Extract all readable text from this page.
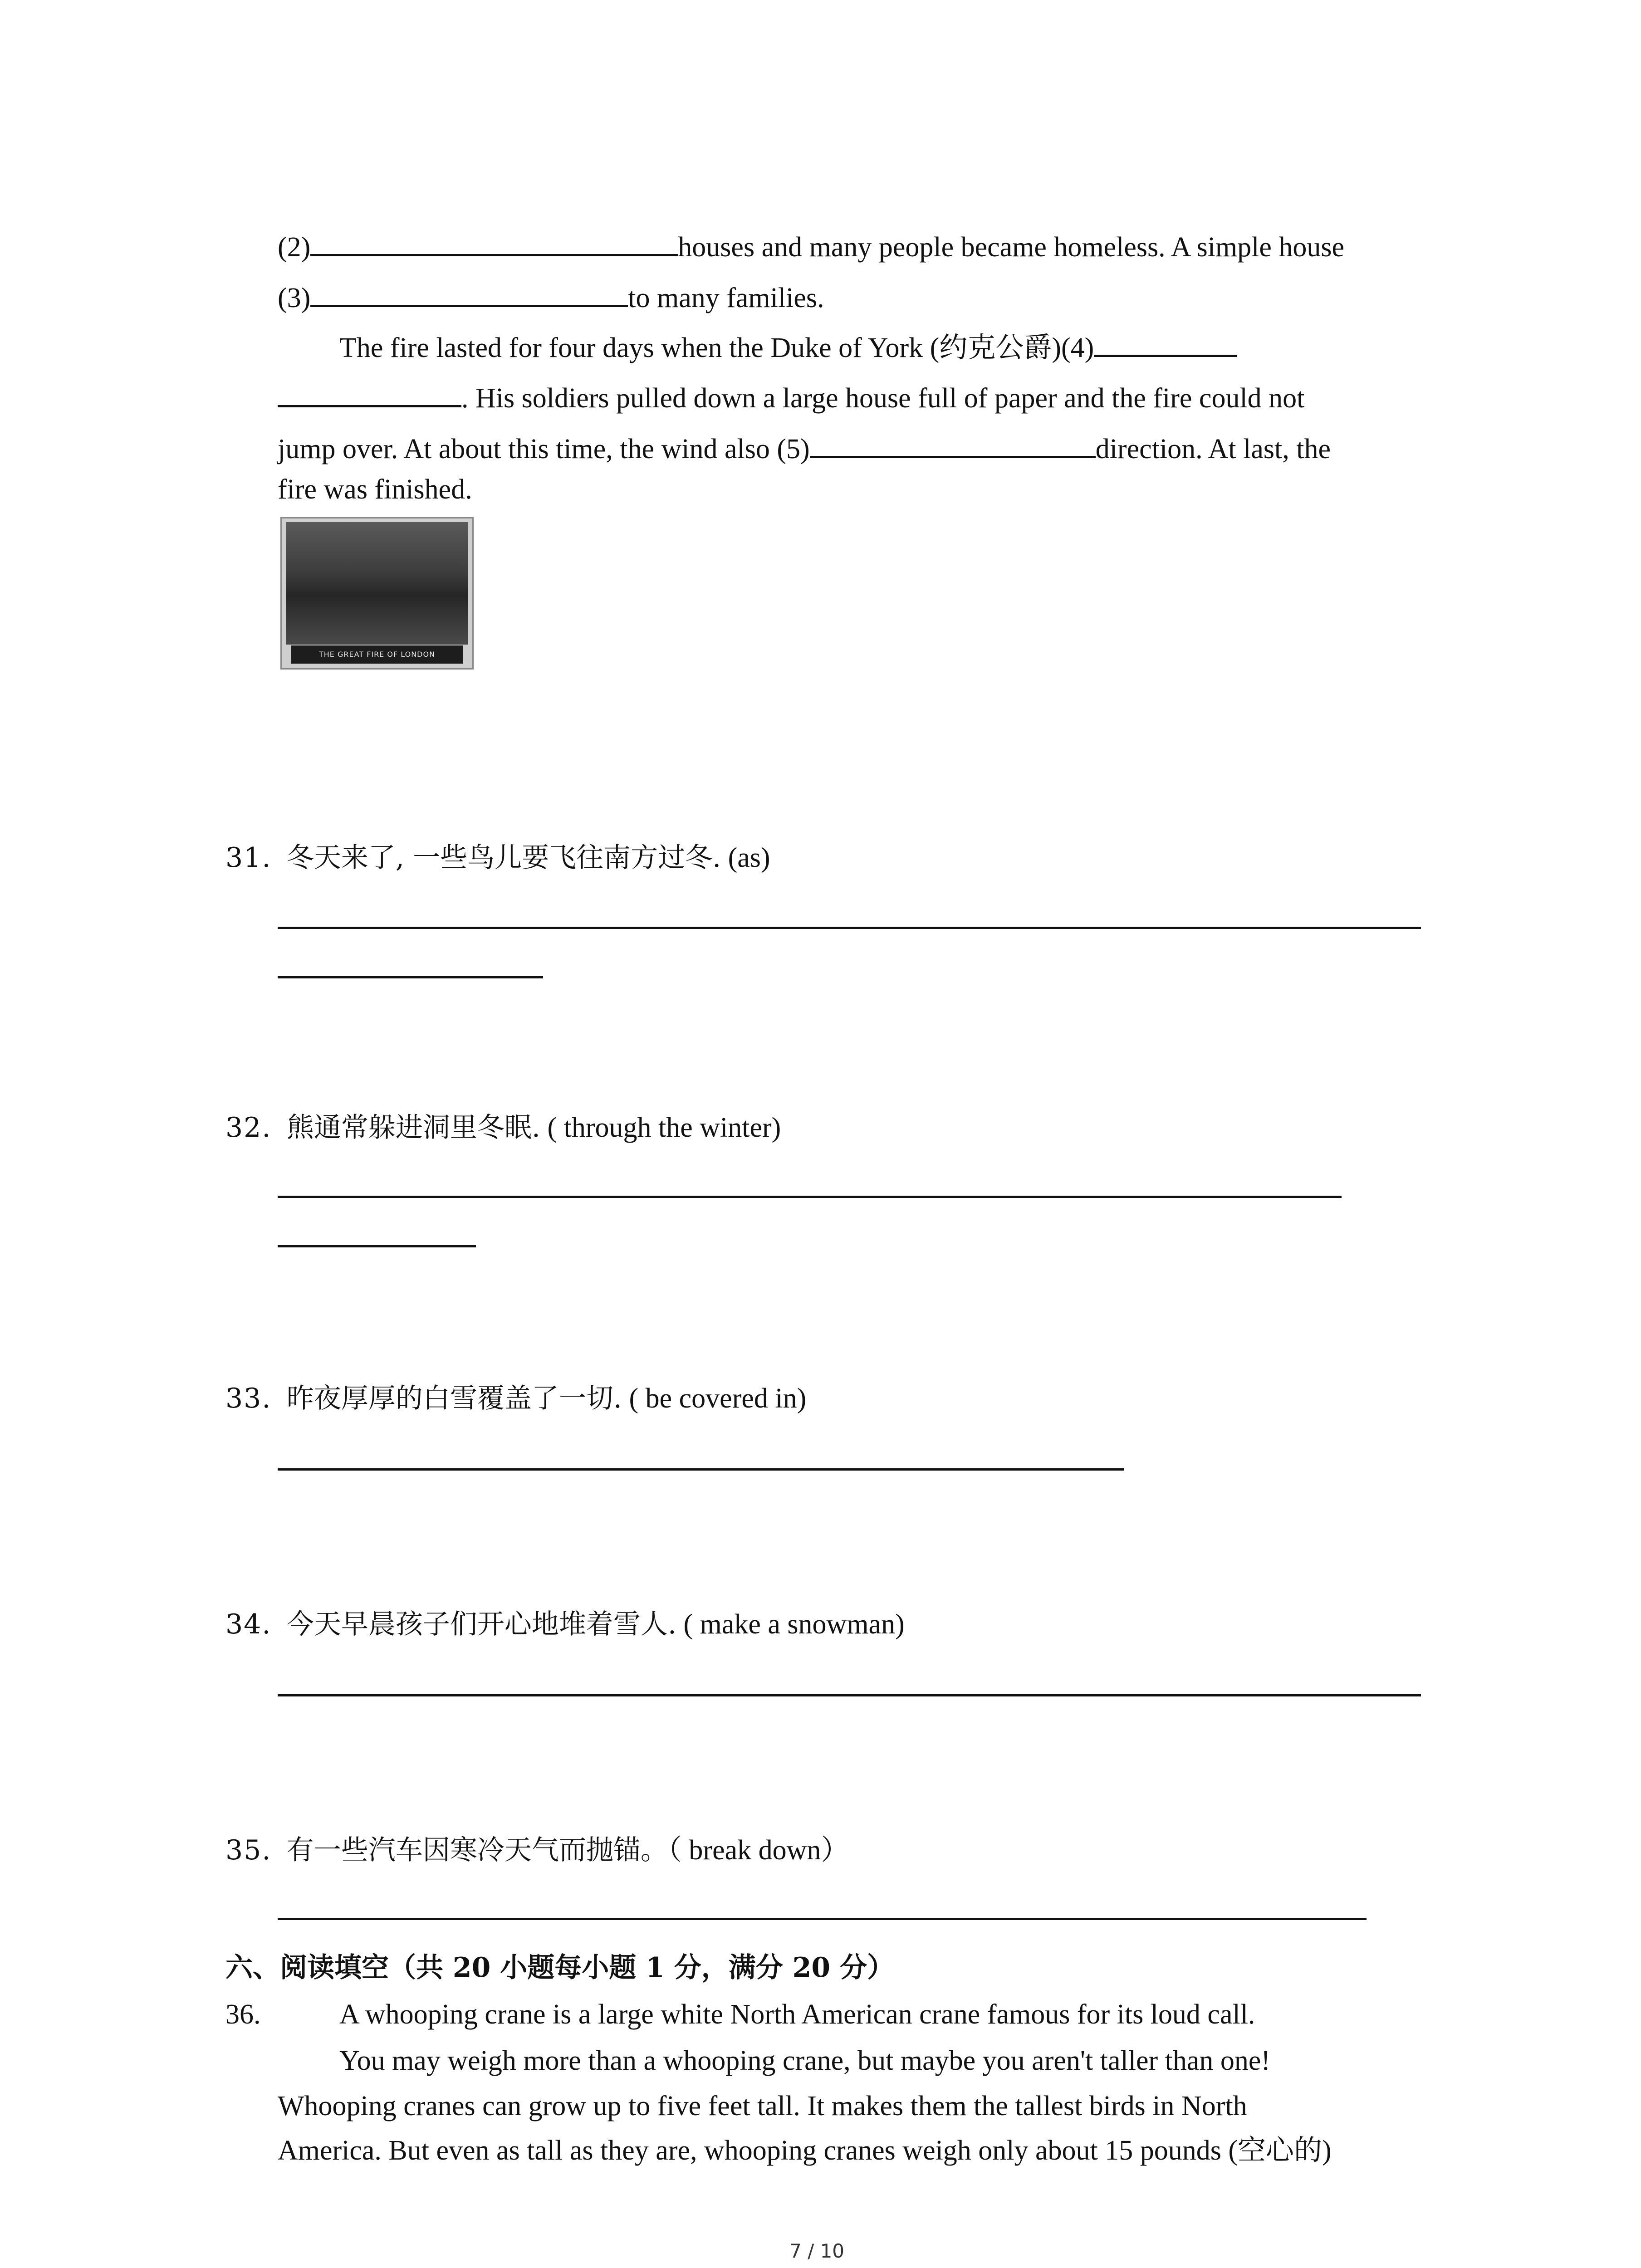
(2)	houses and many people became homeless. A simple house
(3)	to many families.
The fire lasted for four days when the Duke of York (约克公爵)(4)
. His soldiers pulled down a large house full of paper and the fire could not
jump over. At about this time, the wind also (5)	direction. At last, the
fire was finished.
THE GREAT FIRE OF LONDON
31. 冬天来了, 一些鸟儿要飞往南方过冬. (as)
32. 熊通常躲进洞里冬眠. ( through the winter)
33. 昨夜厚厚的白雪覆盖了一切. ( be covered in)
34. 今天早晨孩子们开心地堆着雪人. ( make a snowman)
35. 有一些汽车因寒冷天气而抛锚。（ break down）
六、阅读填空（共 20 小题每小题 1 分，满分 20 分）
36.	A whooping crane is a large white North American crane famous for its loud call.
You may weigh more than a whooping crane, but maybe you aren't taller than one!
Whooping cranes can grow up to five feet tall. It makes them the tallest birds in North
America. But even as tall as they are, whooping cranes weigh only about 15 pounds (空心的)
7 / 10
